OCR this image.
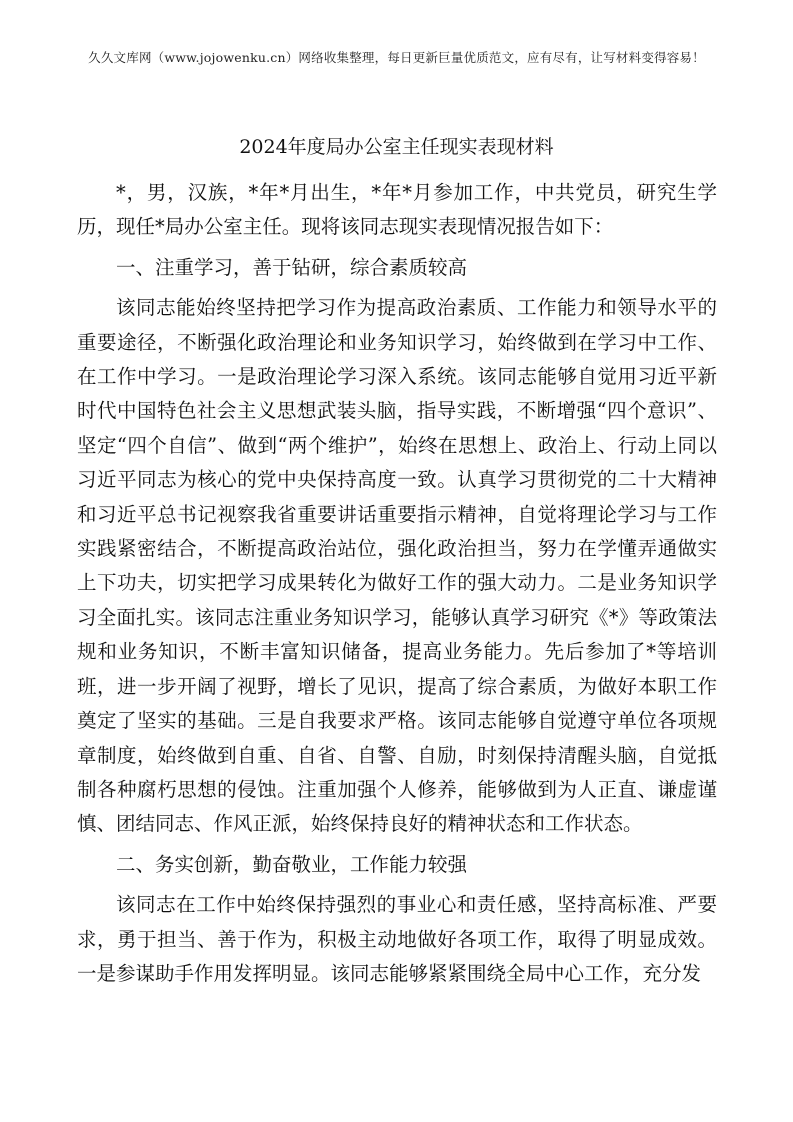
久久文库网（www.jojowenku.cn）网络收集整理，每日更新巨量优质范文，应有尽有，让写材料变得容易！
2024年度局办公室主任现实表现材料

*，男，汉族，*年*月出生，*年*月参加工作，中共党员，研究生学历，现任*局办公室主任。现将该同志现实表现情况报告如下：

一、注重学习，善于钻研，综合素质较高

该同志能始终坚持把学习作为提高政治素质、工作能力和领导水平的重要途径，不断强化政治理论和业务知识学习，始终做到在学习中工作、在工作中学习。一是政治理论学习深入系统。该同志能够自觉用习近平新时代中国特色社会主义思想武装头脑，指导实践，不断增强“四个意识”、坚定“四个自信”、做到“两个维护”，始终在思想上、政治上、行动上同以习近平同志为核心的党中央保持高度一致。认真学习贯彻党的二十大精神和习近平总书记视察我省重要讲话重要指示精神，自觉将理论学习与工作实践紧密结合，不断提高政治站位，强化政治担当，努力在学懂弄通做实上下功夫，切实把学习成果转化为做好工作的强大动力。二是业务知识学习全面扎实。该同志注重业务知识学习，能够认真学习研究《*》等政策法规和业务知识，不断丰富知识储备，提高业务能力。先后参加了*等培训班，进一步开阔了视野，增长了见识，提高了综合素质，为做好本职工作奠定了坚实的基础。三是自我要求严格。该同志能够自觉遵守单位各项规章制度，始终做到自重、自省、自警、自励，时刻保持清醒头脑，自觉抵制各种腐朽思想的侵蚀。注重加强个人修养，能够做到为人正直、谦虚谨慎、团结同志、作风正派，始终保持良好的精神状态和工作状态。

二、务实创新，勤奋敬业，工作能力较强

该同志在工作中始终保持强烈的事业心和责任感，坚持高标准、严要求，勇于担当、善于作为，积极主动地做好各项工作，取得了明显成效。一是参谋助手作用发挥明显。该同志能够紧紧围绕全局中心工作，充分发
